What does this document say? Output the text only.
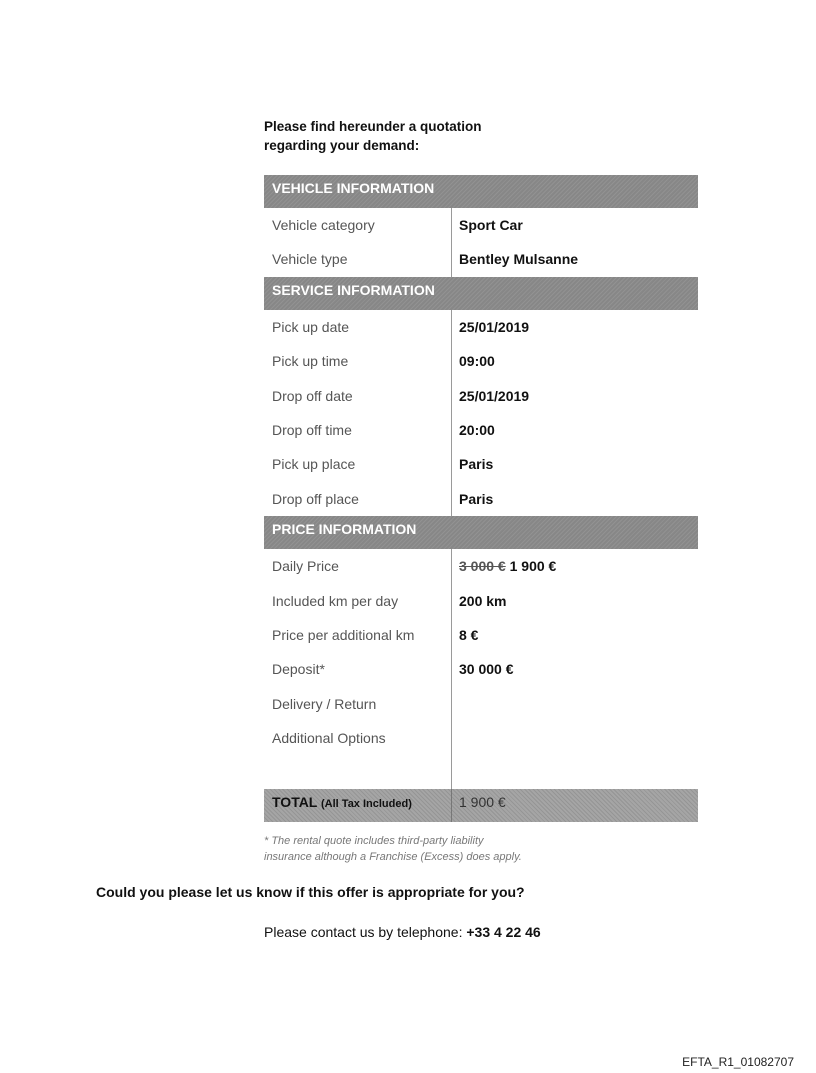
Please find hereunder a quotation
regarding your demand:
VEHICLE INFORMATION
Vehicle category	Sport Car
Vehicle type	Bentley Mulsanne
SERVICE INFORMATION
Pick up date	25/01/2019
Pick up time	09:00
Drop off date	25/01/2019
Drop off time	20:00
Pick up place	Paris
Drop off place	Paris
PRICE INFORMATION
Daily Price	3 000 € 1 900 €
Included km per day	200 km
Price per additional km	8 €
Deposit*	30 000 €
Delivery / Return
Additional Options
TOTAL (All Tax Included)	1 900 €
* The rental quote includes third-party liability
insurance although a Franchise (Excess) does apply.
Could you please let us know if this offer is appropriate for you?
Please contact us by telephone: +33 4 22 46
EFTA_R1_01082707
